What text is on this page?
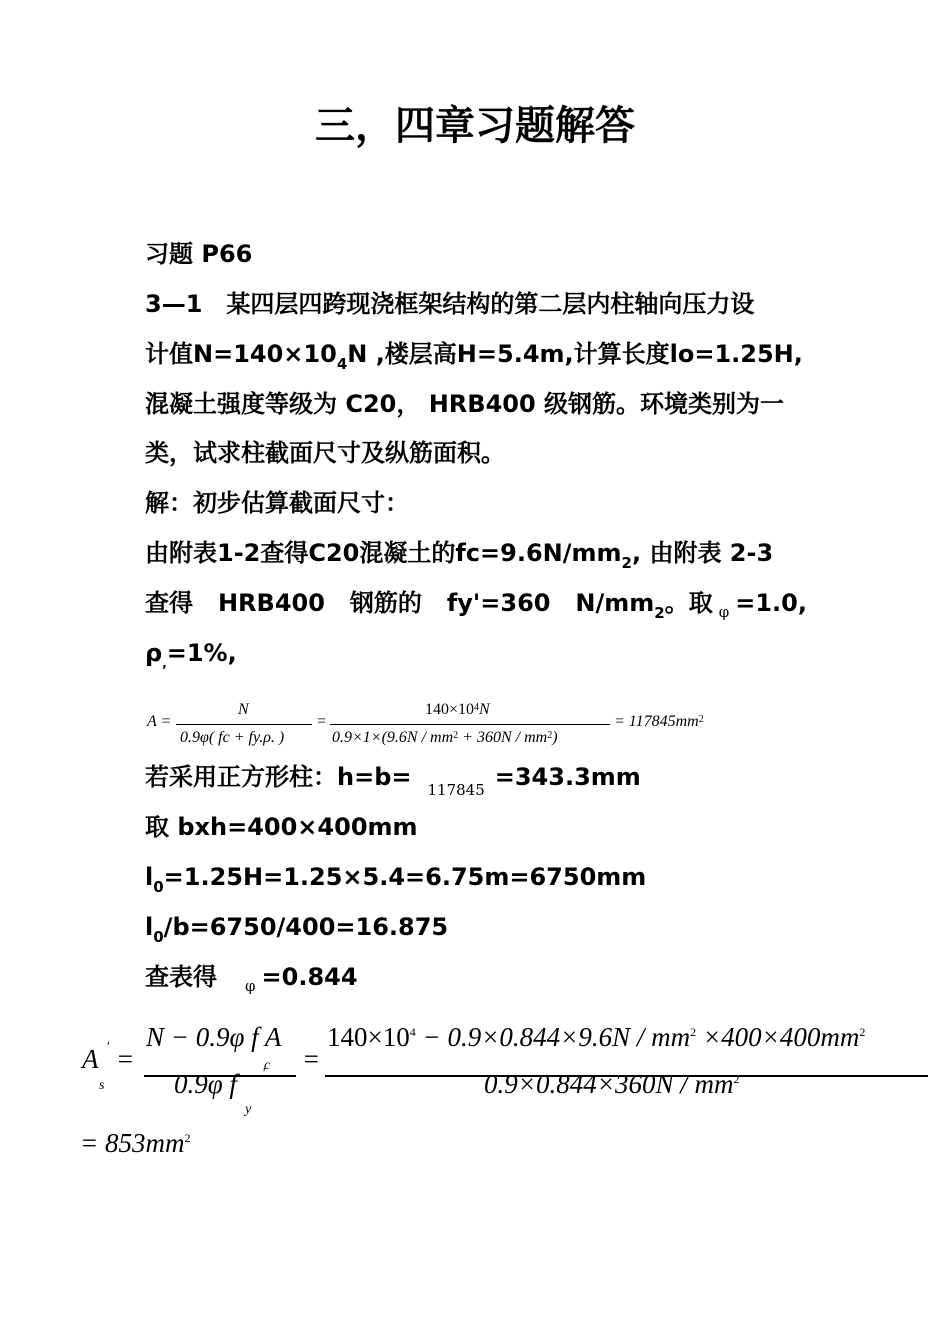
三，四章习题解答
习题 P66
3—1　某四层四跨现浇框架结构的第二层内柱轴向压力设
计值$N=140\times 10_4N$ ,楼层高H=5.4m,计算长度lo=1.25H,
混凝土强度等级为 C20， HRB400 级钢筋。环境类别为一
类，试求柱截面尺寸及纵筋面积。
解：初步估算截面尺寸：
由附表1-2查得C20混凝土的$fc=9.6N/mm_2$, 由附表 2-3
查得 HRB400 钢筋的 fy'=360 $N/mm_2$。取 $_\varphi$ =1.0,
$\rho_,=1\%$,
A =
N
0.9φ( fc + fy.ρ. )
=
$140\times 10^4N$
$0.9\times 1\times(9.6N / mm^2 + 360N / mm^2)$
= $117845mm^2$
若采用正方形柱：h=b= $_{117845}$ =343.3mm
取 bxh=400×400mm
$l_0=1.25H=1.25\times 5.4=6.75m=6750mm$
$l_0/b=6750/400=16.875$
查表得 $_\varphi$ =0.844
A '
s
=
N − 0.9φ f A
c
0.9φ f '
y
=
$140\times 10^4 - 0.9\times 0.844\times 9.6N / mm^2 \times 400\times 400mm^2$
$0.9\times 0.844\times 360N / mm^2$
= $853mm^2$
